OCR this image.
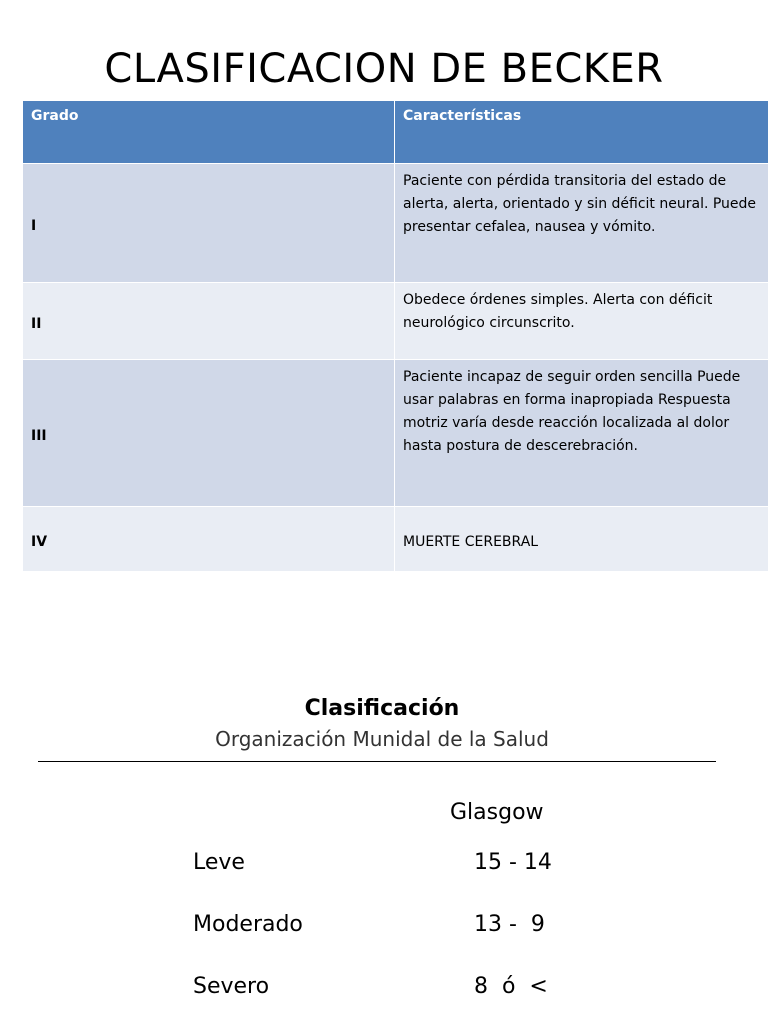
CLASIFICACION DE BECKER
Grado	Características
I	Paciente con pérdida transitoria del estado de alerta, alerta, orientado y sin déficit neural. Puede presentar cefalea, nausea y vómito.
II	Obedece órdenes simples. Alerta con déficit neurológico circunscrito.
III	Paciente incapaz de seguir orden sencilla Puede usar palabras en forma inapropiada Respuesta motriz varía desde reacción localizada al dolor hasta postura de descerebración.
IV	MUERTE CEREBRAL
Clasificación
Organización Munidal de la Salud
Glasgow
Leve	15 - 14
Moderado	13 -  9
Severo	8  ó  <
